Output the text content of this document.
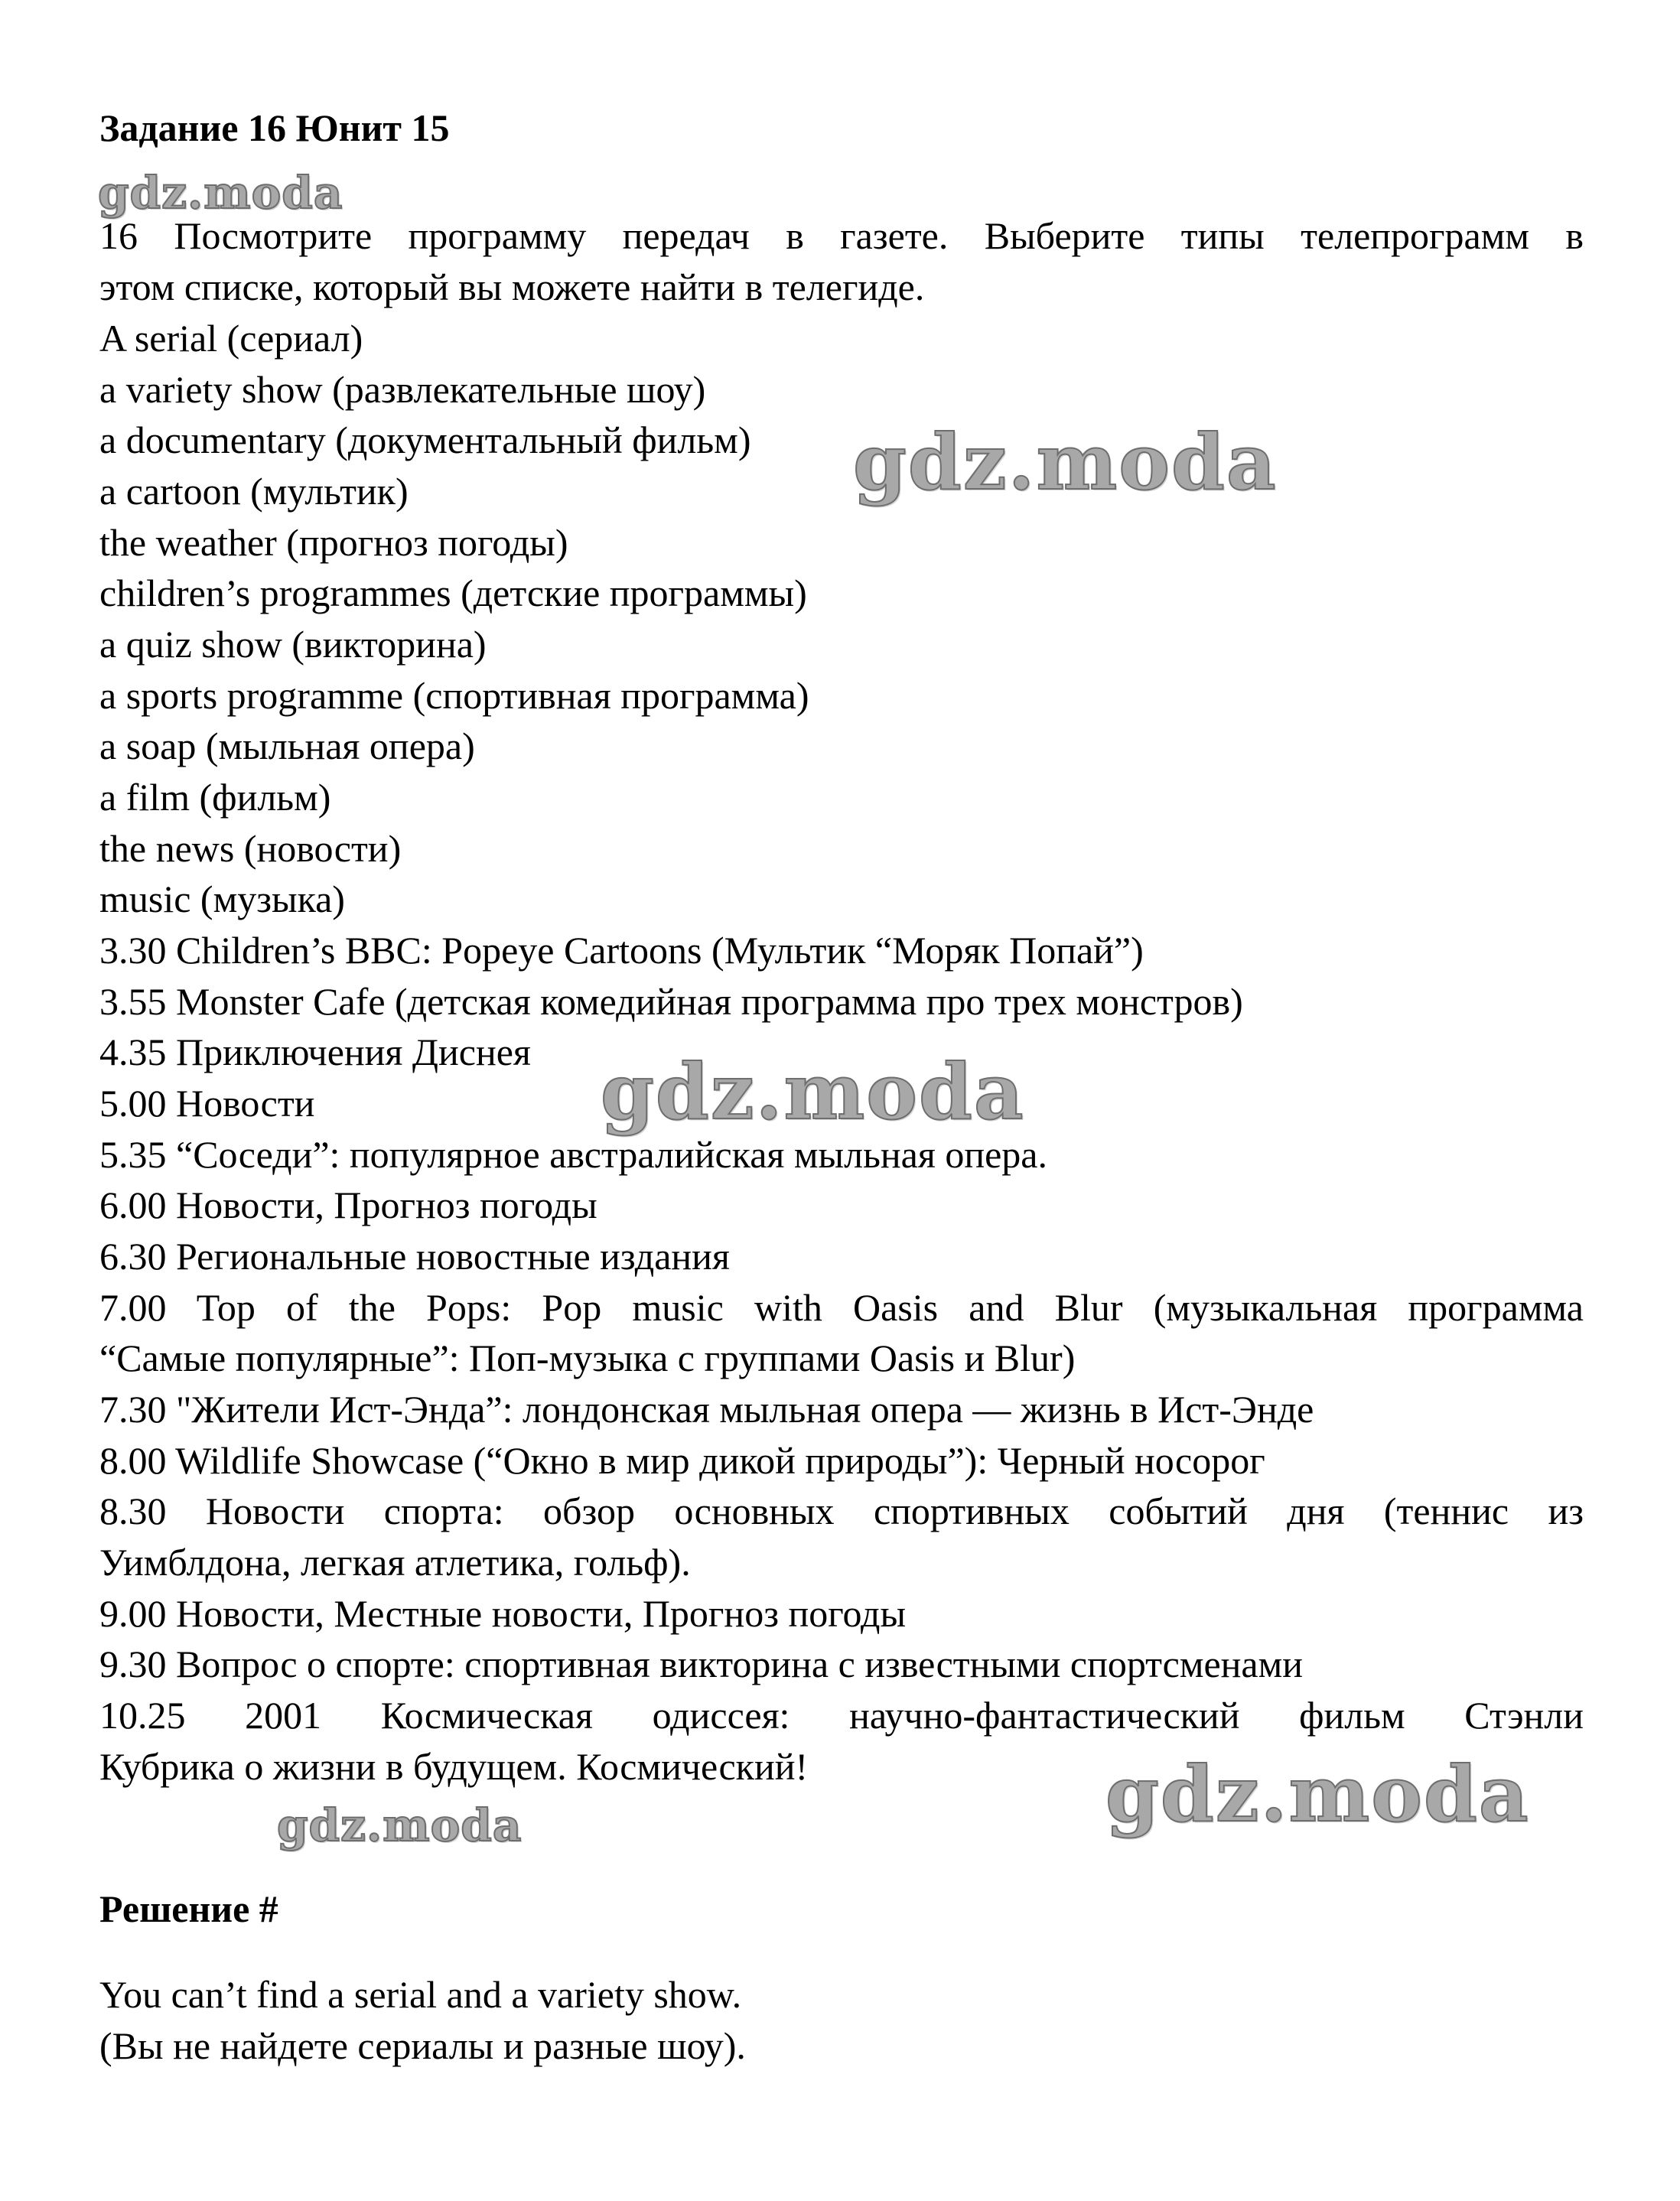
Задание 16 Юнит 15
16 Посмотрите программу передач в газете. Выберите типы телепрограмм в
этом списке, который вы можете найти в телегиде.
A serial (сериал)
a variety show (развлекательные шоу)
a documentary (документальный фильм)
a cartoon (мультик)
the weather (прогноз погоды)
children’s programmes (детские программы)
a quiz show (викторина)
a sports programme (спортивная программа)
a soap (мыльная опера)
a film (фильм)
the news (новости)
music (музыка)
3.30 Children’s BBC: Popeye Cartoons (Мультик “Моряк Попай”)
3.55 Monster Cafe (детская комедийная программа про трех монстров)
4.35 Приключения Диснея
5.00 Новости
5.35 “Соседи”: популярное австралийская мыльная опера.
6.00 Новости, Прогноз погоды
6.30 Региональные новостные издания
7.00 Top of the Pops: Pop music with Oasis and Blur (музыкальная программа
“Самые популярные”: Поп-музыка с группами Oasis и Blur)
7.30 "Жители Ист-Энда”: лондонская мыльная опера — жизнь в Ист-Энде
8.00 Wildlife Showcase (“Окно в мир дикой природы”): Черный носорог
8.30 Новости спорта: обзор основных спортивных событий дня (теннис из
Уимблдона, легкая атлетика, гольф).
9.00 Новости, Местные новости, Прогноз погоды
9.30 Вопрос о спорте: спортивная викторина с известными спортсменами
10.25 2001 Космическая одиссея: научно-фантастический фильм Стэнли
Кубрика о жизни в будущем. Космический!
Решение #
You can’t find a serial and a variety show.
(Вы не найдете сериалы и разные шоу).
gdz.moda
gdz.moda
gdz.moda
gdz.moda
gdz.moda
